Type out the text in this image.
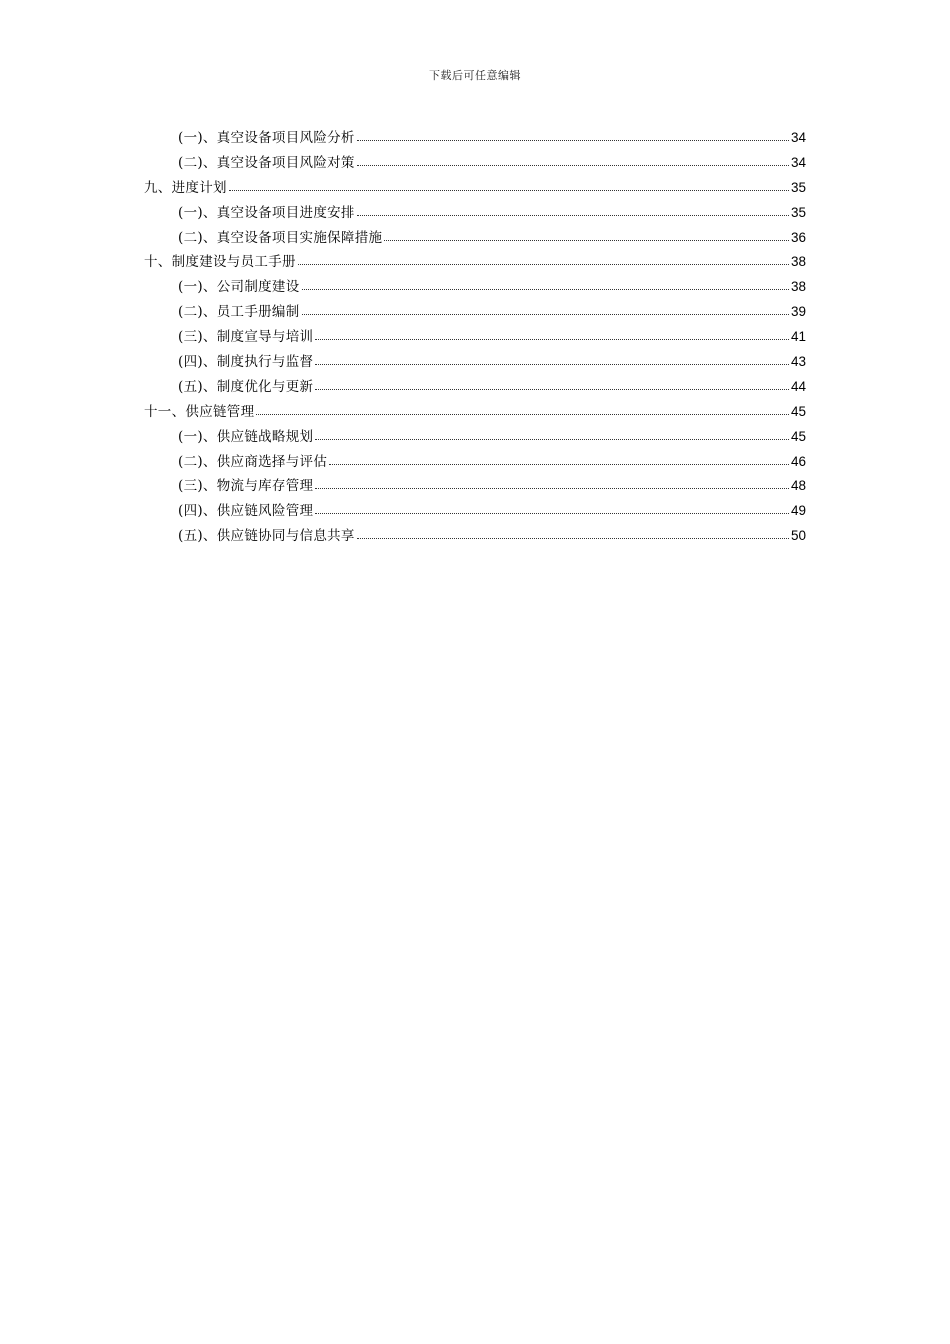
下载后可任意编辑
(一)、真空设备项目风险分析	34
(二)、真空设备项目风险对策	34
九、进度计划	35
(一)、真空设备项目进度安排	35
(二)、真空设备项目实施保障措施	36
十、制度建设与员工手册	38
(一)、公司制度建设	38
(二)、员工手册编制	39
(三)、制度宣导与培训	41
(四)、制度执行与监督	43
(五)、制度优化与更新	44
十一、供应链管理	45
(一)、供应链战略规划	45
(二)、供应商选择与评估	46
(三)、物流与库存管理	48
(四)、供应链风险管理	49
(五)、供应链协同与信息共享	50
